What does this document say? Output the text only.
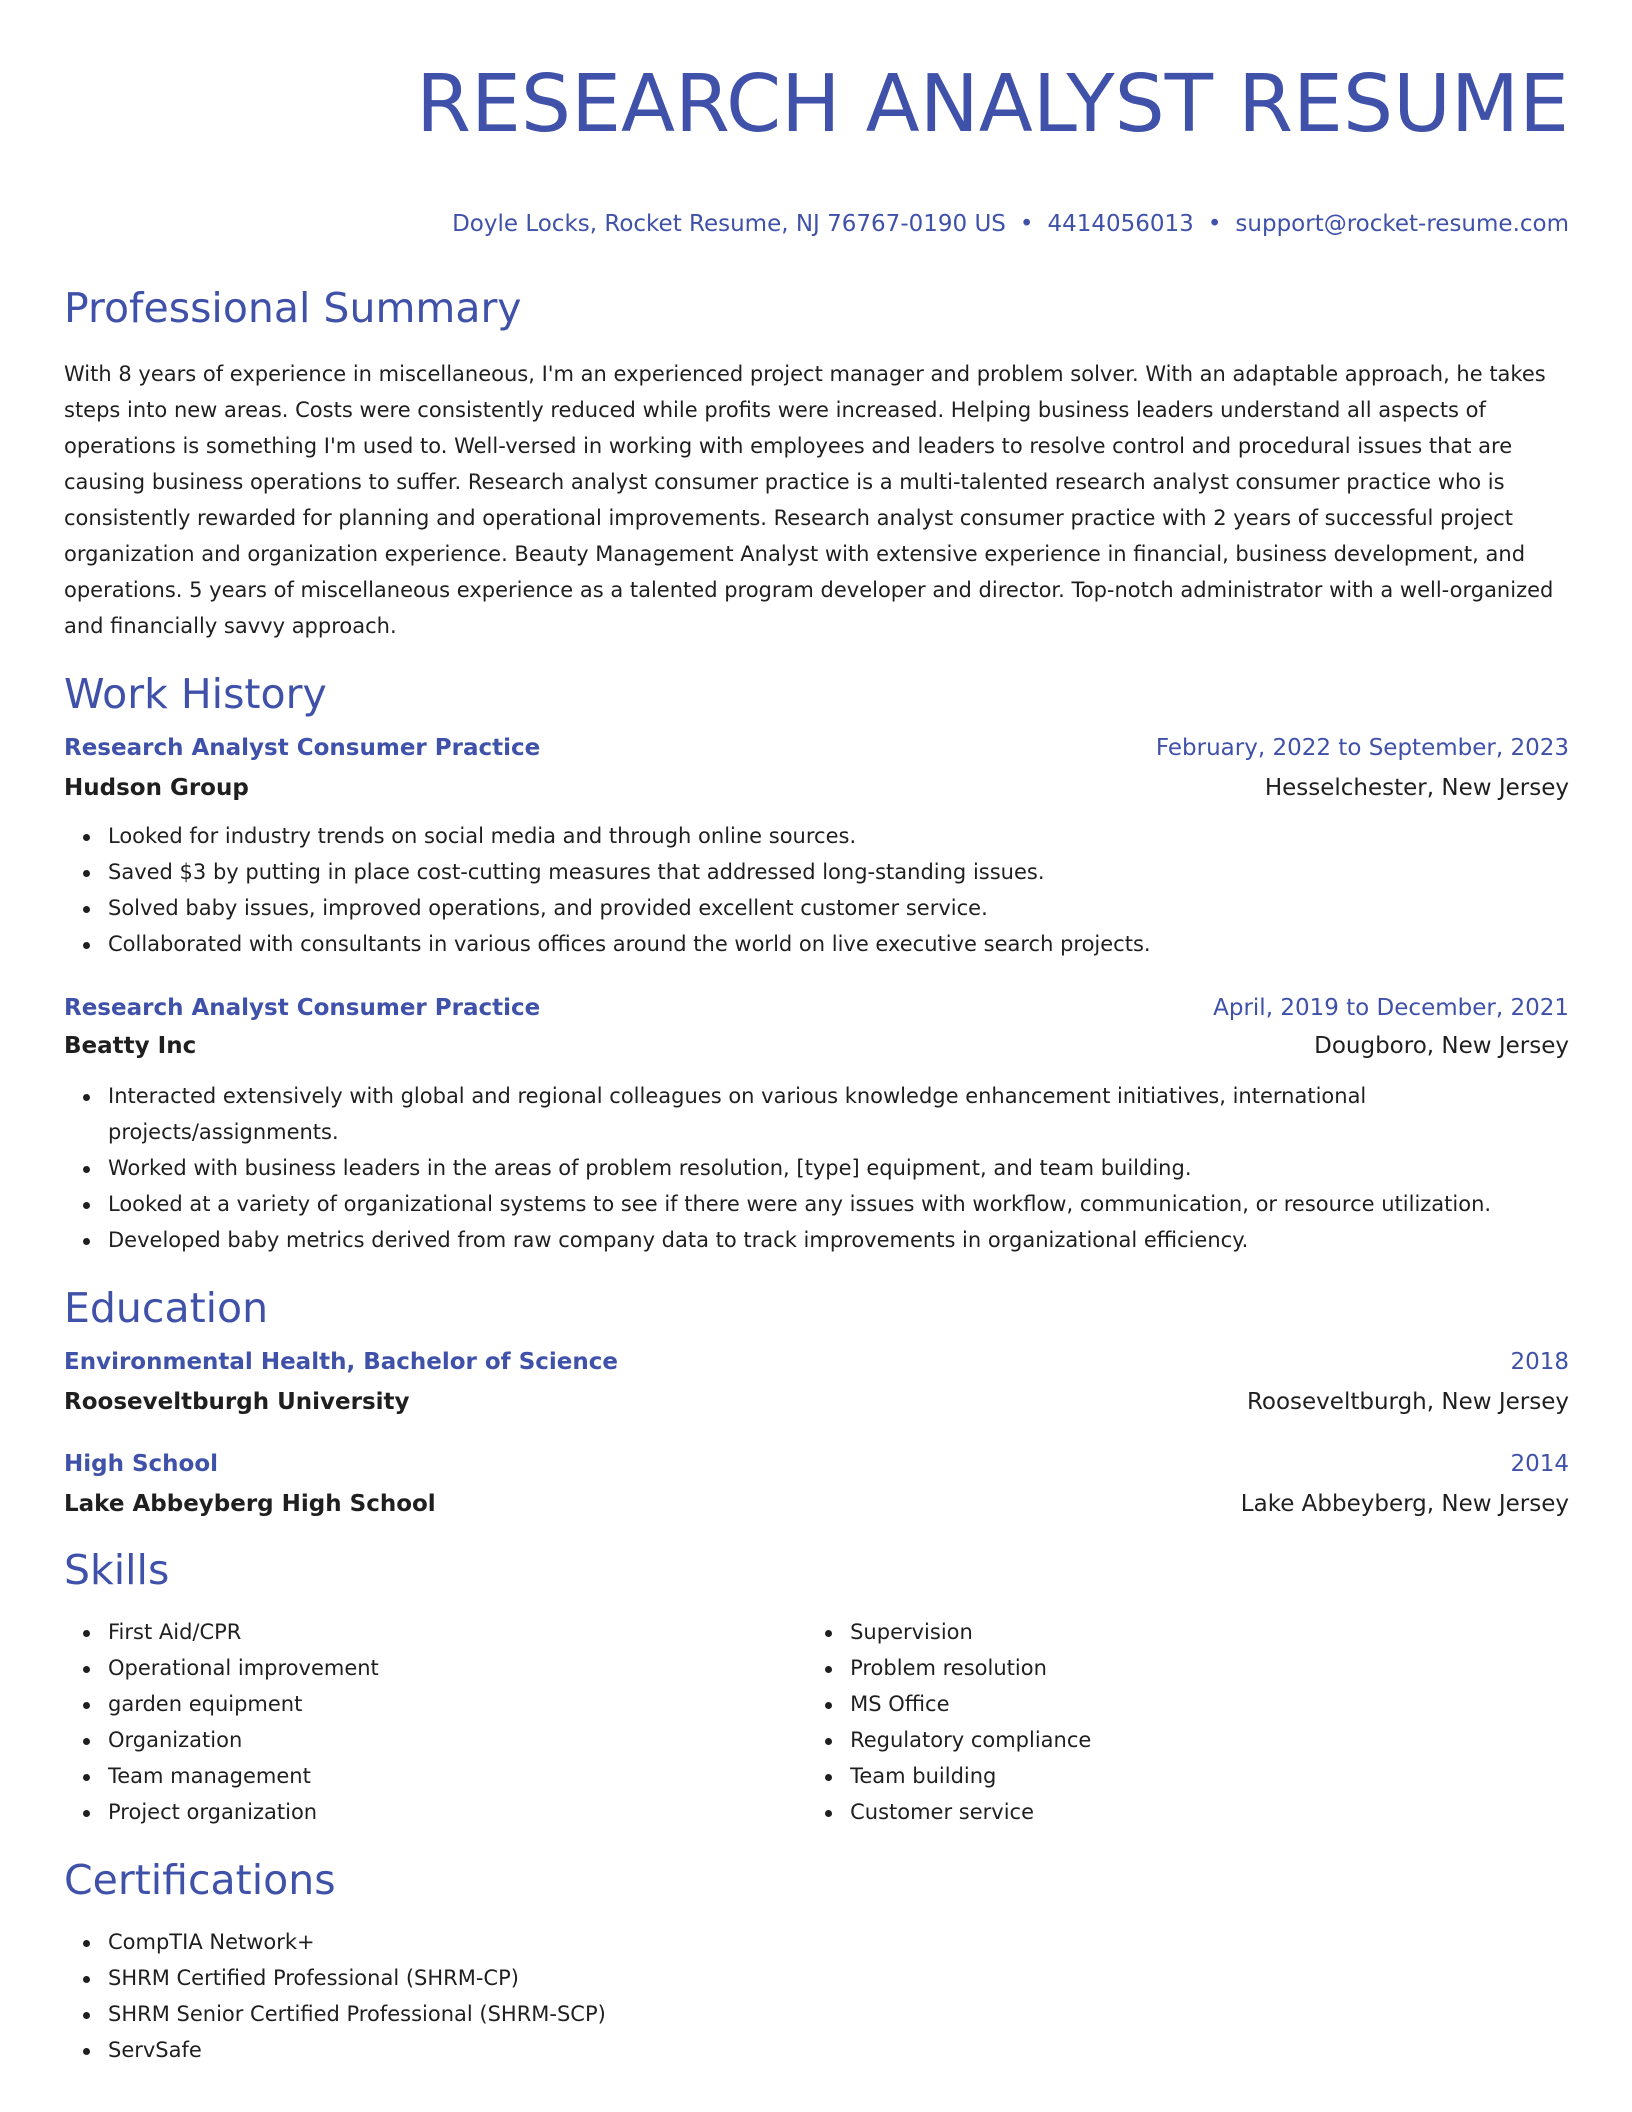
RESEARCH ANALYST RESUME
Doyle Locks, Rocket Resume, NJ 76767-0190 US • 4414056013 • support@rocket-resume.com
Professional Summary

With 8 years of experience in miscellaneous, I'm an experienced project manager and problem solver. With an adaptable approach, he takes steps into new areas. Costs were consistently reduced while profits were increased. Helping business leaders understand all aspects of operations is something I'm used to. Well-versed in working with employees and leaders to resolve control and procedural issues that are causing business operations to suffer. Research analyst consumer practice is a multi-talented research analyst consumer practice who is consistently rewarded for planning and operational improvements. Research analyst consumer practice with 2 years of successful project organization and organization experience. Beauty Management Analyst with extensive experience in financial, business development, and operations. 5 years of miscellaneous experience as a talented program developer and director. Top-notch administrator with a well-organized and financially savvy approach.

Work History
Research Analyst Consumer Practice	February, 2022 to September, 2023
Hudson Group	Hesselchester, New Jersey
Looked for industry trends on social media and through online sources.
Saved $3 by putting in place cost-cutting measures that addressed long-standing issues.
Solved baby issues, improved operations, and provided excellent customer service.
Collaborated with consultants in various offices around the world on live executive search projects.
Research Analyst Consumer Practice	April, 2019 to December, 2021
Beatty Inc	Dougboro, New Jersey
Interacted extensively with global and regional colleagues on various knowledge enhancement initiatives, international projects/assignments.
Worked with business leaders in the areas of problem resolution, [type] equipment, and team building.
Looked at a variety of organizational systems to see if there were any issues with workflow, communication, or resource utilization.
Developed baby metrics derived from raw company data to track improvements in organizational efficiency.
Education
Environmental Health, Bachelor of Science	2018
Rooseveltburgh University	Rooseveltburgh, New Jersey
High School	2014
Lake Abbeyberg High School	Lake Abbeyberg, New Jersey
Skills
First Aid/CPR
Operational improvement
garden equipment
Organization
Team management
Project organization
Supervision
Problem resolution
MS Office
Regulatory compliance
Team building
Customer service
Certifications
CompTIA Network+
SHRM Certified Professional (SHRM-CP)
SHRM Senior Certified Professional (SHRM-SCP)
ServSafe
